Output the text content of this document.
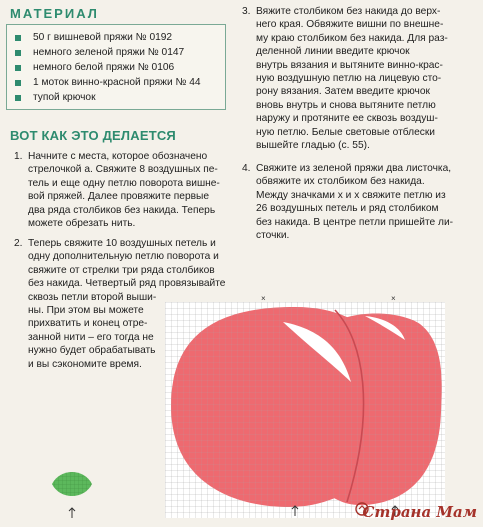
МАТЕРИАЛ
50 г вишневой пряжи № 0192
немного зеленой пряжи № 0147
немного белой пряжи № 0106
1 моток винно-красной пряжи № 44
тупой крючок
ВОТ КАК ЭТО ДЕЛАЕТСЯ
1. Начните с места, которое обозначено
стрелочкой а. Свяжите 8 воздушных пе-
тель и еще одну петлю поворота вишне-
вой пряжей. Далее провяжите первые
два ряда столбиков без накида. Теперь
можете обрезать нить.
2. Теперь свяжите 10 воздушных петель и
одну дополнительную петлю поворота и
свяжите от стрелки три ряда столбиков
без накида. Четвертый ряд провязывайте
сквозь петли второй выши-
ны. При этом вы можете
прихватить и конец отре-
занной нити – его тогда не
нужно будет обрабатывать
и вы сэкономите время.
3. Вяжите столбиком без накида до верх-
него края. Обвяжите вишни по внешне-
му краю столбиком без накида. Для раз-
деленной линии введите крючок
внутрь вязания и вытяните винно-крас-
ную воздушную петлю на лицевую сто-
рону вязания. Затем введите крючок
вновь внутрь и снова вытяните петлю
наружу и протяните ее сквозь воздуш-
ную петлю. Белые световые отблески
вышейте гладью (с. 55).
4. Свяжите из зеленой пряжи два листочка,
обвяжите их столбиком без накида.
Между значками х и х свяжите петлю из
26 воздушных петель и ряд столбиком
без накида. В центре петли пришейте ли-
сточки.
×	×
Страна Мам
